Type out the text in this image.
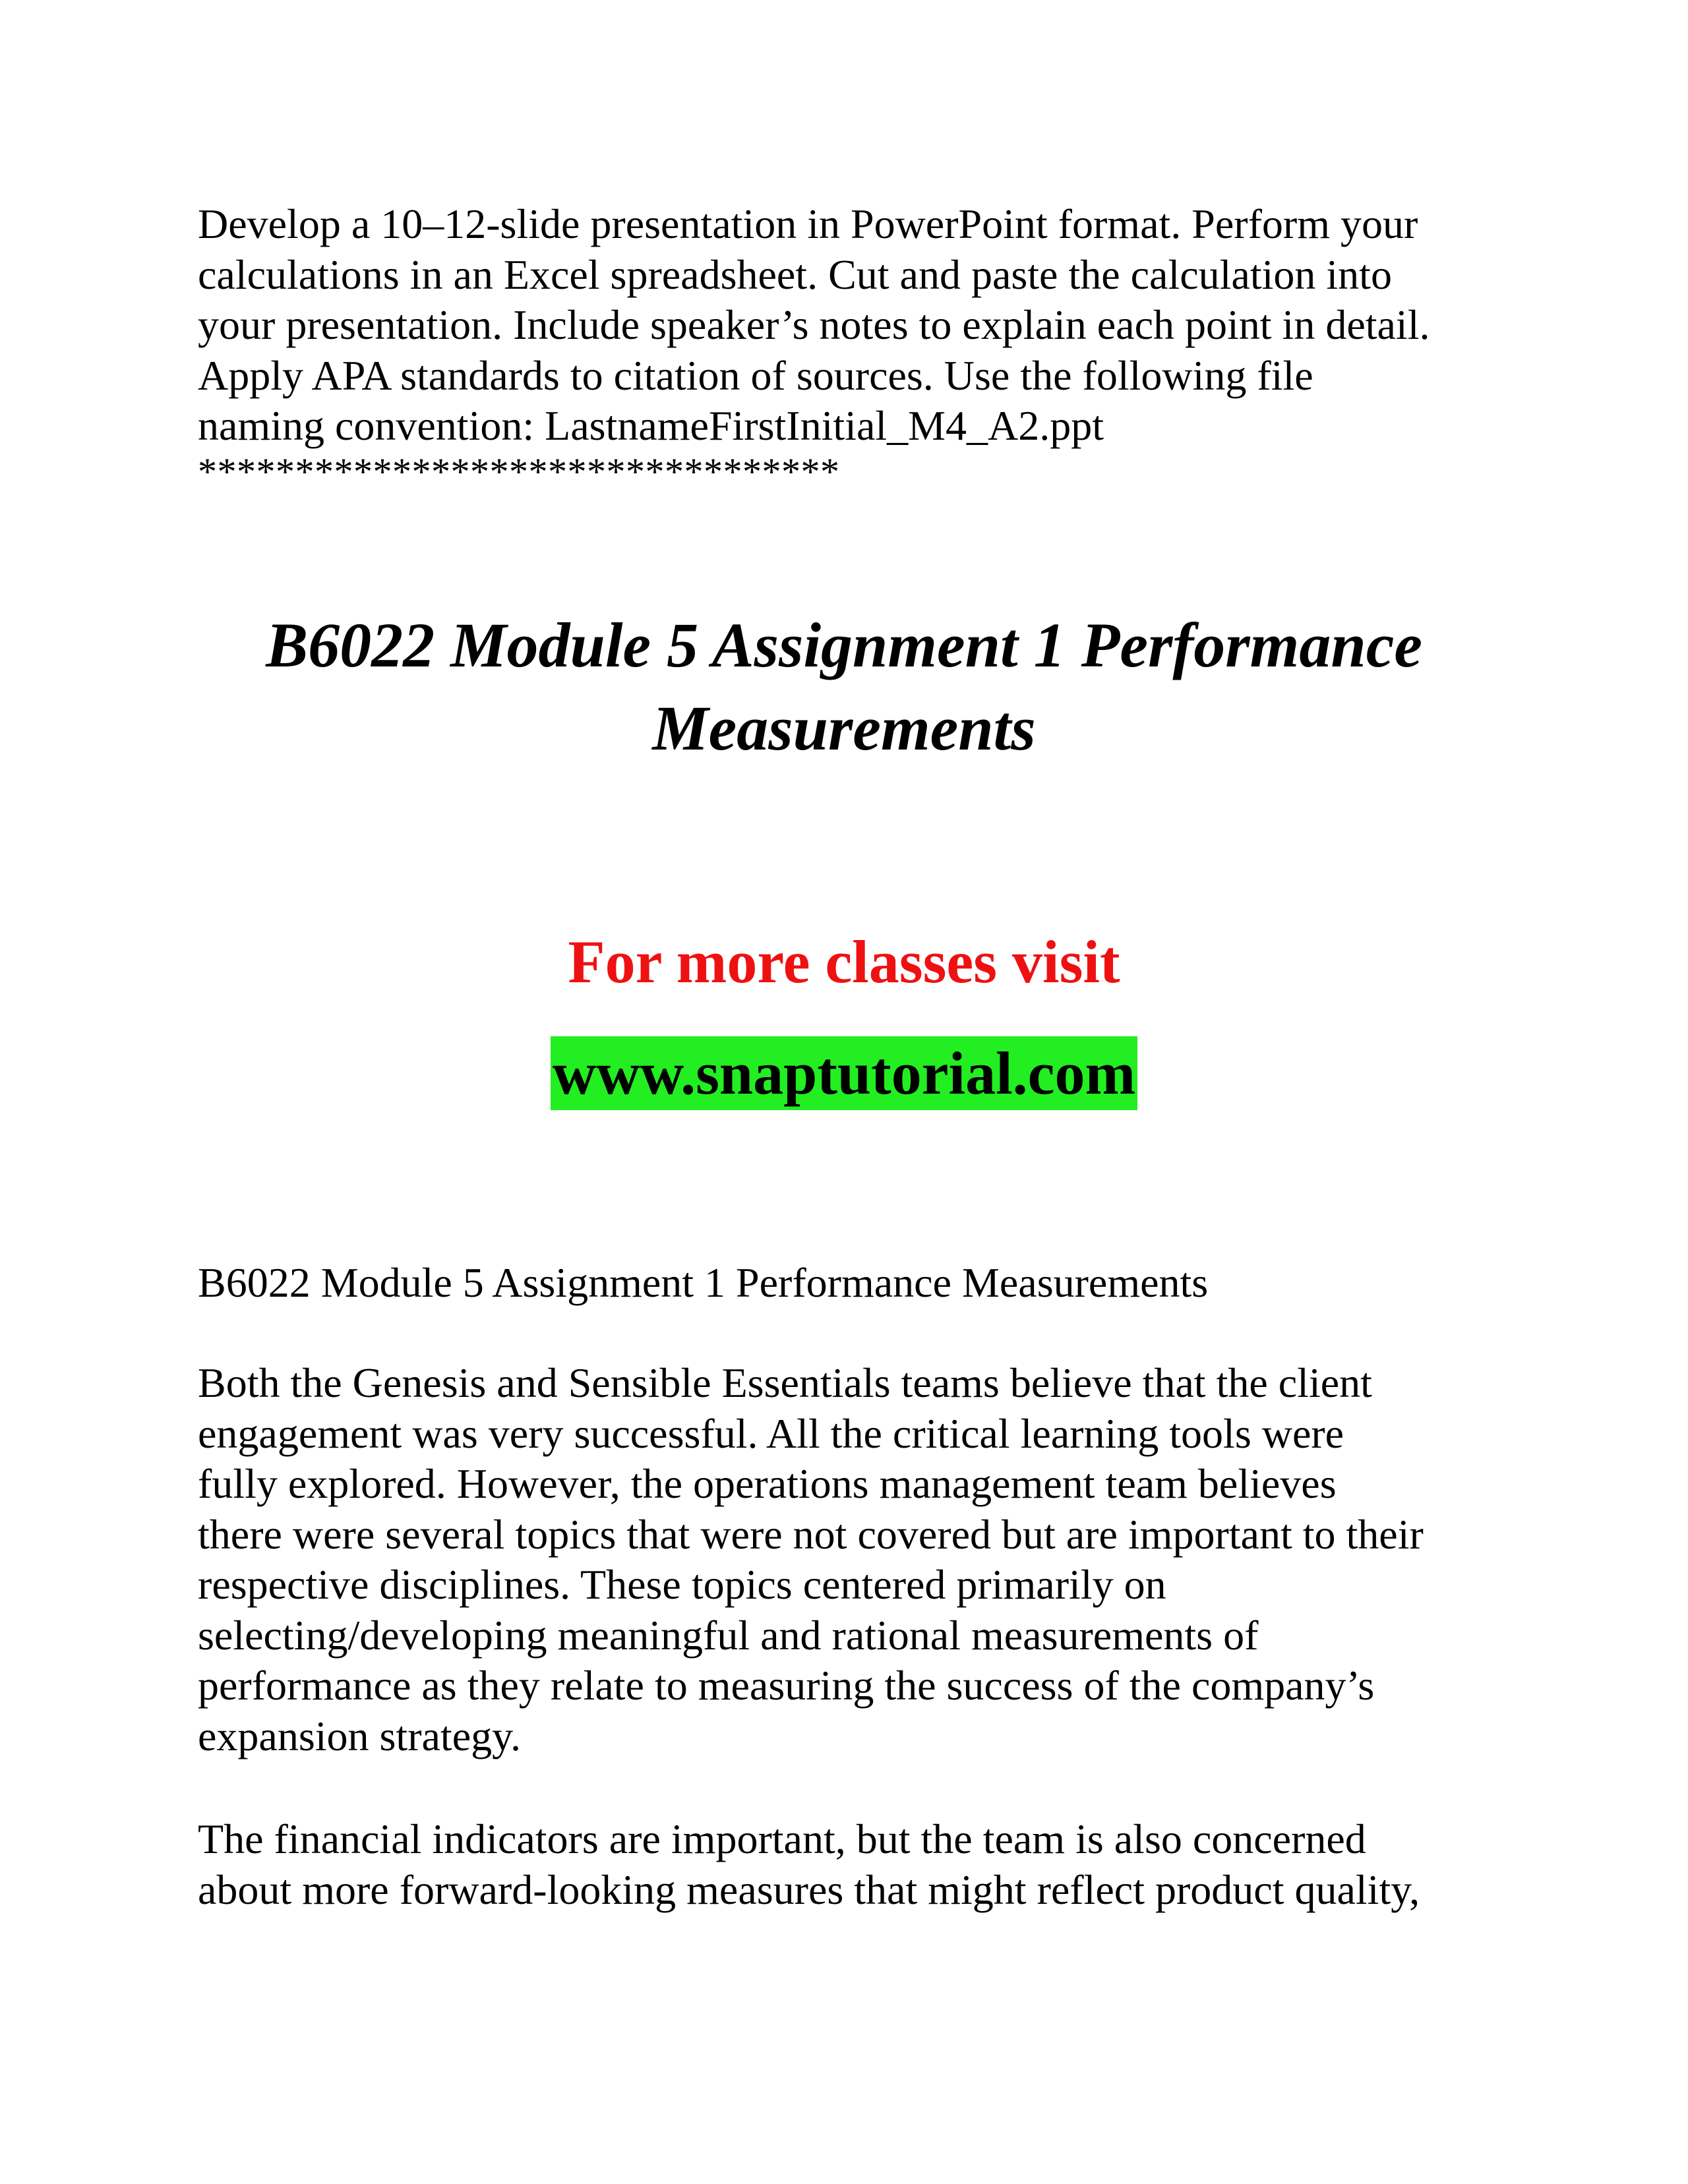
Develop a 10–12-slide presentation in PowerPoint format. Perform your
calculations in an Excel spreadsheet. Cut and paste the calculation into
your presentation. Include speaker’s notes to explain each point in detail.
Apply APA standards to citation of sources. Use the following file
naming convention: LastnameFirstInitial_M4_A2.ppt
*********************************
B6022 Module 5 Assignment 1 Performance
Measurements

For more classes visit

www.snaptutorial.com

B6022 Module 5 Assignment 1 Performance Measurements
Both the Genesis and Sensible Essentials teams believe that the client
engagement was very successful. All the critical learning tools were
fully explored. However, the operations management team believes
there were several topics that were not covered but are important to their
respective disciplines. These topics centered primarily on
selecting/developing meaningful and rational measurements of
performance as they relate to measuring the success of the company’s
expansion strategy.
The financial indicators are important, but the team is also concerned
about more forward-looking measures that might reflect product quality,
